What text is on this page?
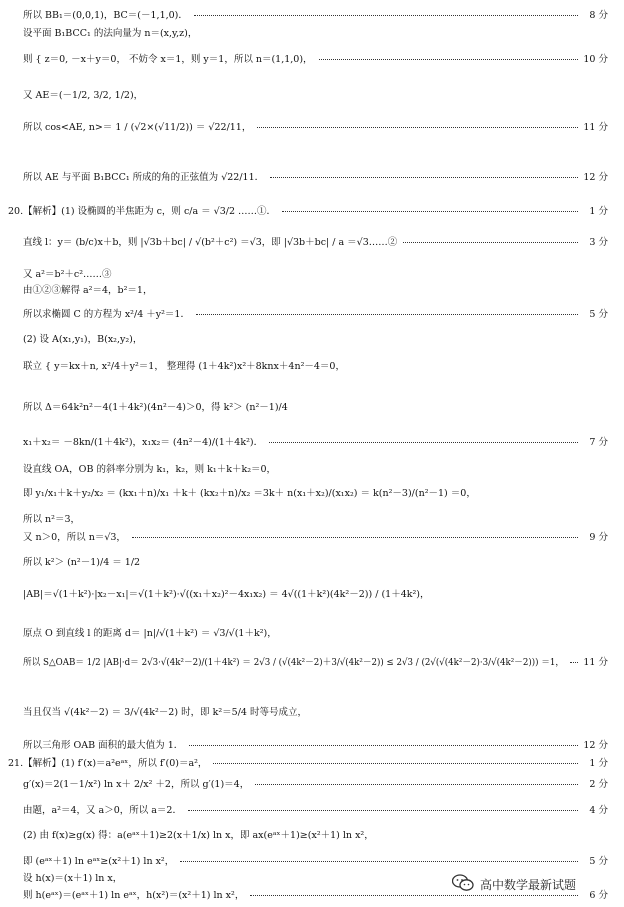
所以 BB₁＝(0,0,1)，BC＝(－1,1,0)．	8 分
设平面 B₁BCC₁ 的法向量为 n＝(x,y,z)，
则 { z＝0, －x＋y＝0， 不妨令 x＝1，则 y＝1，所以 n＝(1,1,0)，	10 分
又 AE＝(－1/2, 3/2, 1/2)，
所以 cos<AE, n>＝ 1 / (√2×(√11/2)) ＝ √22/11，	11 分
所以 AE 与平面 B₁BCC₁ 所成的角的正弦值为 √22/11．	12 分
20.【解析】(1) 设椭圆的半焦距为 c，则 c/a ＝ √3/2 ……①．	1 分
直线 l：y＝ (b/c)x＋b，则 |√3b＋bc| / √(b²＋c²) ＝√3，即 |√3b＋bc| / a ＝√3……②	3 分
又 a²＝b²＋c²……③
由①②③解得 a²＝4，b²＝1，
所以求椭圆 C 的方程为 x²/4 ＋y²＝1．	5 分
(2) 设 A(x₁,y₁)，B(x₂,y₂)，
联立 { y＝kx＋n, x²/4＋y²＝1， 整理得 (1＋4k²)x²＋8knx＋4n²－4＝0，
所以 Δ＝64k²n²－4(1＋4k²)(4n²－4)＞0，得 k²＞ (n²－1)/4
x₁＋x₂＝ －8kn/(1＋4k²)，x₁x₂＝ (4n²－4)/(1＋4k²)．	7 分
设直线 OA，OB 的斜率分别为 k₁，k₂，则 k₁＋k＋k₂＝0，
即 y₁/x₁＋k＋y₂/x₂ ＝ (kx₁＋n)/x₁ ＋k＋ (kx₂＋n)/x₂ ＝3k＋ n(x₁＋x₂)/(x₁x₂) ＝ k(n²－3)/(n²－1) ＝0，
所以 n²＝3，
又 n＞0，所以 n＝√3，	9 分
所以 k²＞ (n²－1)/4 ＝ 1/2
|AB|＝√(1＋k²)·|x₂－x₁|＝√(1＋k²)·√((x₁＋x₂)²－4x₁x₂) ＝ 4√((1＋k²)(4k²－2)) / (1＋4k²)，
原点 O 到直线 l 的距离 d＝ |n|/√(1＋k²) ＝ √3/√(1＋k²)，
所以 S△OAB＝ 1/2 |AB|·d＝ 2√3·√(4k²－2)/(1＋4k²) ＝ 2√3 / (√(4k²－2)＋3/√(4k²－2)) ≤ 2√3 / (2√(√(4k²－2)·3/√(4k²－2))) ＝1， 11 分
当且仅当 √(4k²－2) ＝ 3/√(4k²－2) 时，即 k²＝5/4 时等号成立，
所以三角形 OAB 面积的最大值为 1．	12 分
21.【解析】(1) f′(x)＝a²eᵃˣ，所以 f′(0)＝a²，	1 分
g′(x)＝2(1－1/x²) ln x＋ 2/x² ＋2，所以 g′(1)＝4，	2 分
由题，a²＝4，又 a＞0，所以 a＝2．	4 分
(2) 由 f(x)≥g(x) 得：a(eᵃˣ＋1)≥2(x＋1/x) ln x，即 ax(eᵃˣ＋1)≥(x²＋1) ln x²，
即 (eᵃˣ＋1) ln eᵃˣ≥(x²＋1) ln x²，	5 分
设 h(x)＝(x＋1) ln x，
则 h(eᵃˣ)＝(eᵃˣ＋1) ln eᵃˣ，h(x²)＝(x²＋1) ln x²，	6 分
高中数学最新试题
